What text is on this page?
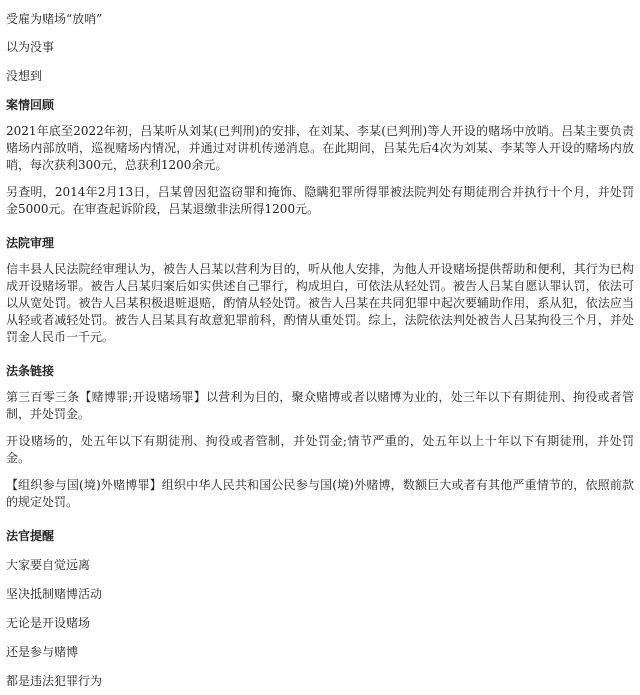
受雇为赌场“放哨”
以为没事
没想到
案情回顾

2021年底至2022年初，吕某听从刘某(已判刑)的安排，在刘某、李某(已判刑)等人开设的赌场中放哨。吕某主要负责赌场内部放哨，巡视赌场内情况，并通过对讲机传递消息。在此期间，吕某先后4次为刘某、李某等人开设的赌场内放哨，每次获利300元，总获利1200余元。

另查明，2014年2月13日，吕某曾因犯盗窃罪和掩饰、隐瞒犯罪所得罪被法院判处有期徒刑合并执行十个月，并处罚金5000元。在审查起诉阶段，吕某退缴非法所得1200元。

法院审理

信丰县人民法院经审理认为，被告人吕某以营利为目的，听从他人安排，为他人开设赌场提供帮助和便利，其行为已构成开设赌场罪。被告人吕某归案后如实供述自己罪行，构成坦白，可依法从轻处罚。被告人吕某自愿认罪认罚，依法可以从宽处罚。被告人吕某积极退赃退赔，酌情从轻处罚。被告人吕某在共同犯罪中起次要辅助作用，系从犯，依法应当从轻或者减轻处罚。被告人吕某具有故意犯罪前科，酌情从重处罚。综上，法院依法判处被告人吕某拘役三个月，并处罚金人民币一千元。

法条链接

第三百零三条【赌博罪;开设赌场罪】以营利为目的，聚众赌博或者以赌博为业的，处三年以下有期徒刑、拘役或者管制，并处罚金。

开设赌场的，处五年以下有期徒刑、拘役或者管制，并处罚金;情节严重的，处五年以上十年以下有期徒刑，并处罚金。

【组织参与国(境)外赌博罪】组织中华人民共和国公民参与国(境)外赌博，数额巨大或者有其他严重情节的，依照前款的规定处罚。

法官提醒
大家要自觉远离
坚决抵制赌博活动
无论是开设赌场
还是参与赌博
都是违法犯罪行为
